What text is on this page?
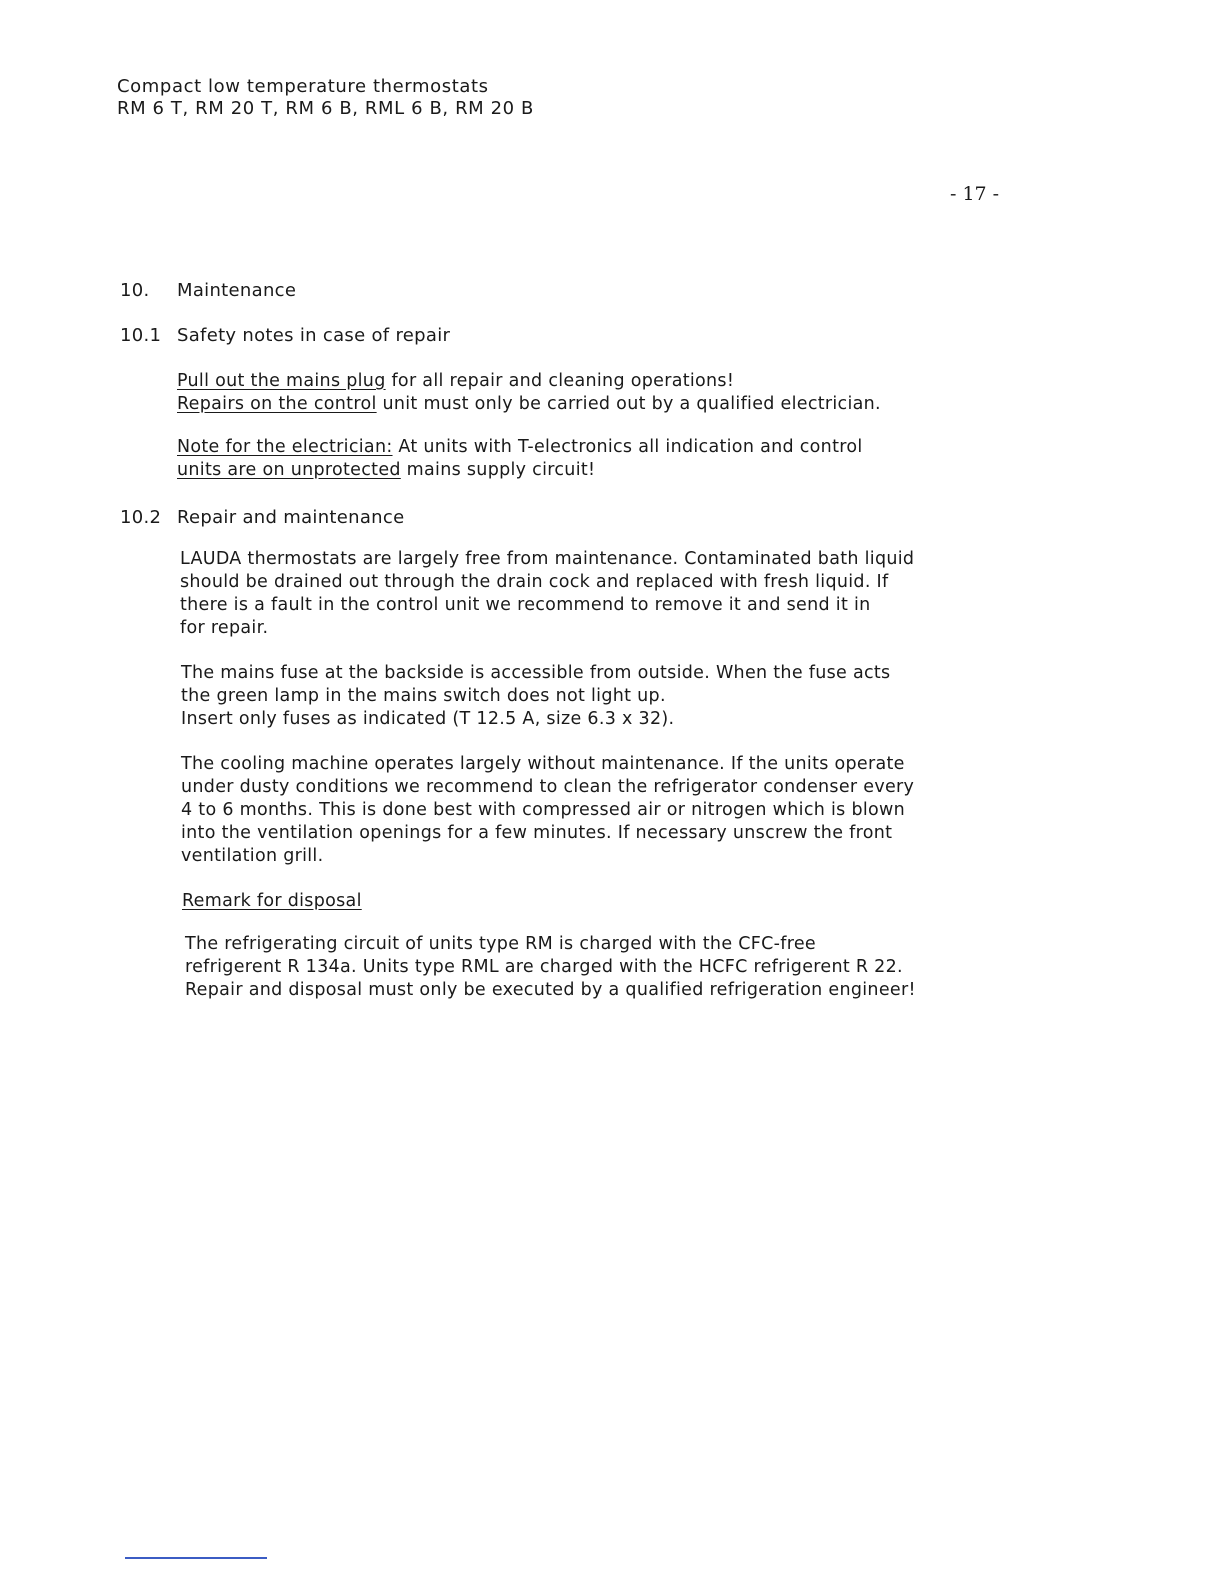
Compact low temperature thermostats
RM 6 T, RM 20 T, RM 6 B, RML 6 B, RM 20 B
- 17 -
10. Maintenance
10.1 Safety notes in case of repair
Pull out the mains plug for all repair and cleaning operations!
Repairs on the control unit must only be carried out by a qualified electrician.
Note for the electrician: At units with T-electronics all indication and control
units are on unprotected mains supply circuit!
10.2 Repair and maintenance
LAUDA thermostats are largely free from maintenance. Contaminated bath liquid
should be drained out through the drain cock and replaced with fresh liquid. If
there is a fault in the control unit we recommend to remove it and send it in
for repair.
The mains fuse at the backside is accessible from outside. When the fuse acts
the green lamp in the mains switch does not light up.
Insert only fuses as indicated (T 12.5 A, size 6.3 x 32).
The cooling machine operates largely without maintenance. If the units operate
under dusty conditions we recommend to clean the refrigerator condenser every
4 to 6 months. This is done best with compressed air or nitrogen which is blown
into the ventilation openings for a few minutes. If necessary unscrew the front
ventilation grill.
Remark for disposal
The refrigerating circuit of units type RM is charged with the CFC-free
refrigerent R 134a. Units type RML are charged with the HCFC refrigerent R 22.
Repair and disposal must only be executed by a qualified refrigeration engineer!
